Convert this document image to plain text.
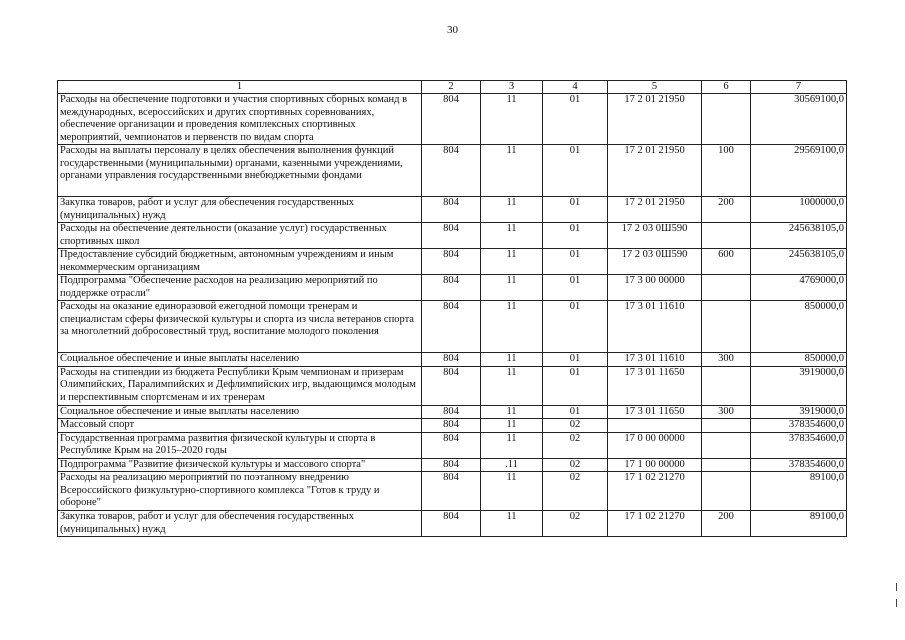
30
1	2	3	4	5	6	7
Расходы на обеспечение подготовки и участия спортивных сборных команд в международных, всероссийских и других спортивных соревнованиях, обеспечение организации и проведения комплексных спортивных мероприятий, чемпионатов и первенств по видам спорта	804	11	01	17 2 01 21950		30569100,0
Расходы на выплаты персоналу в целях обеспечения выполнения функций государственными (муниципальными) органами, казенными учреждениями, органами управления государственными внебюджетными фондами	804	11	01	17 2 01 21950	100	29569100,0
Закупка товаров, работ и услуг для обеспечения государственных (муниципальных) нужд	804	11	01	17 2 01 21950	200	1000000,0
Расходы на обеспечение деятельности (оказание услуг) государственных спортивных школ	804	11	01	17 2 03 0Ш590		245638105,0
Предоставление субсидий бюджетным, автономным учреждениям и иным некоммерческим организациям	804	11	01	17 2 03 0Ш590	600	245638105,0
Подпрограмма "Обеспечение расходов на реализацию мероприятий по поддержке отрасли"	804	11	01	17 3 00 00000		4769000,0
Расходы на оказание единоразовой ежегодной помощи тренерам и специалистам сферы физической культуры и спорта из числа ветеранов спорта за многолетний добросовестный труд, воспитание молодого поколения	804	11	01	17 3 01 11610		850000,0
Социальное обеспечение и иные выплаты населению	804	11	01	17 3 01 11610	300	850000,0
Расходы на стипендии из бюджета Республики Крым чемпионам и призерам Олимпийских, Паралимпийских и Дефлимпийских игр, выдающимся молодым и перспективным спортсменам и их тренерам	804	11	01	17 3 01 11650		3919000,0
Социальное обеспечение и иные выплаты населению	804	11	01	17 3 01 11650	300	3919000,0
Массовый спорт	804	11	02			378354600,0
Государственная программа развития физической культуры и спорта в Республике Крым на 2015–2020 годы	804	11	02	17 0 00 00000		378354600,0
Подпрограмма "Развитие физической культуры и массового спорта"	804	.11	02	17 1 00 00000		378354600,0
Расходы на реализацию мероприятий по поэтапному внедрению Всероссийского физкультурно-спортивного комплекса "Готов к труду и обороне"	804	11	02	17 1 02 21270		89100,0
Закупка товаров, работ и услуг для обеспечения государственных (муниципальных) нужд	804	11	02	17 1 02 21270	200	89100,0
